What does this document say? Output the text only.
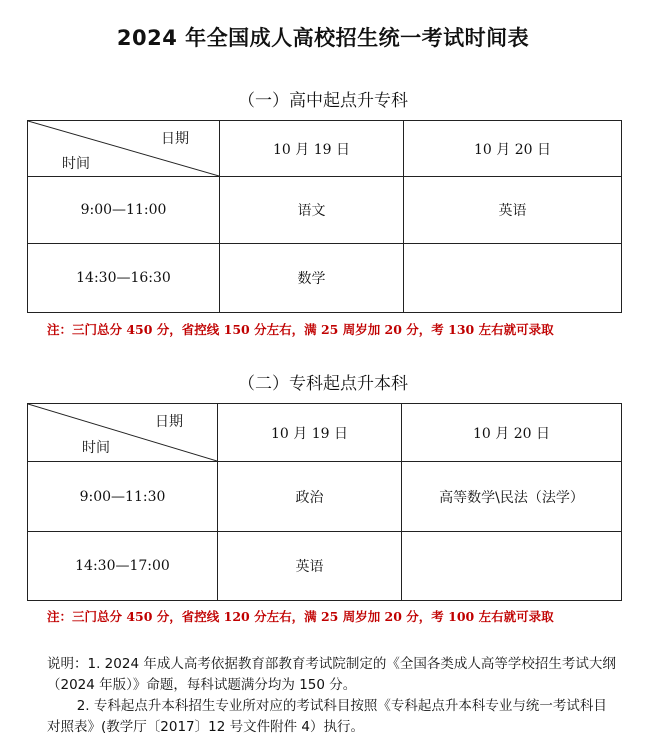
2024 年全国成人高校招生统一考试时间表
（一）高中起点升专科
日期
时间	10 月 19 日	10 月 20 日
9:00—11:00	语文	英语
14:30—16:30	数学	
注：三门总分 450 分，省控线 150 分左右，满 25 周岁加 20 分，考 130 左右就可录取
（二）专科起点升本科
日期
时间	10 月 19 日	10 月 20 日
9:00—11:30	政治	高等数学\民法（法学）
14:30—17:00	英语	
注：三门总分 450 分，省控线 120 分左右，满 25 周岁加 20 分，考 100 左右就可录取

说明：1. 2024 年成人高考依据教育部教育考试院制定的《全国各类成人高等学校招生考试大纲（2024 年版）》命题，每科试题满分均为 150 分。

2. 专科起点升本科招生专业所对应的考试科目按照《专科起点升本科专业与统一考试科目对照表》(教学厅〔2017〕12 号文件附件 4）执行。
